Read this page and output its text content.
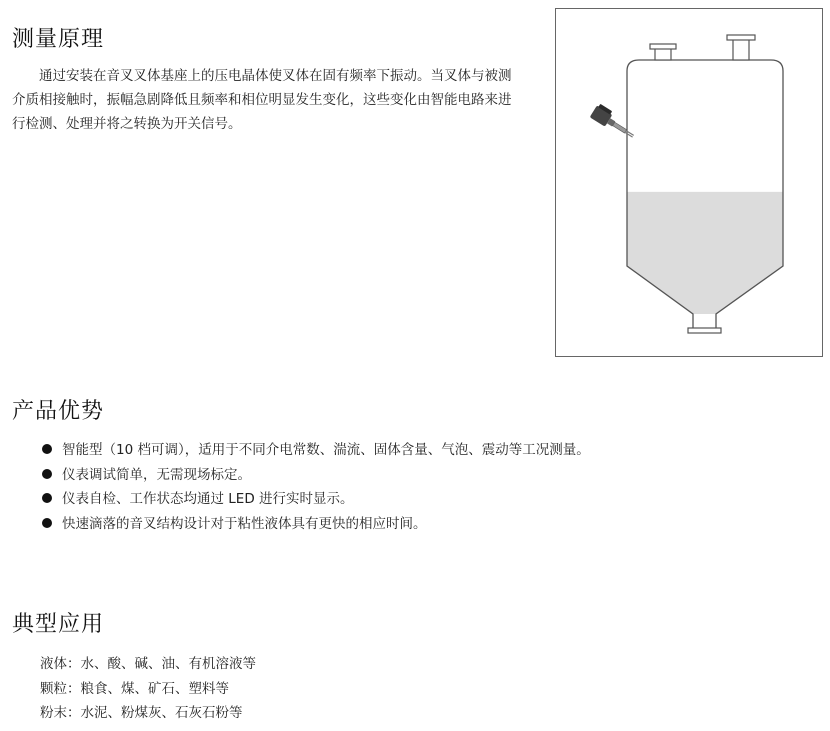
测量原理

通过安装在音叉叉体基座上的压电晶体使叉体在固有频率下振动。当叉体与被测介质相接触时，振幅急剧降低且频率和相位明显发生变化，这些变化由智能电路来进行检测、处理并将之转换为开关信号。

产品优势
智能型（10 档可调），适用于不同介电常数、湍流、固体含量、气泡、震动等工况测量。
仪表调试简单，无需现场标定。
仪表自检、工作状态均通过 LED 进行实时显示。
快速滴落的音叉结构设计对于粘性液体具有更快的相应时间。
典型应用
液体：水、酸、碱、油、有机溶液等
颗粒：粮食、煤、矿石、塑料等
粉末：水泥、粉煤灰、石灰石粉等
